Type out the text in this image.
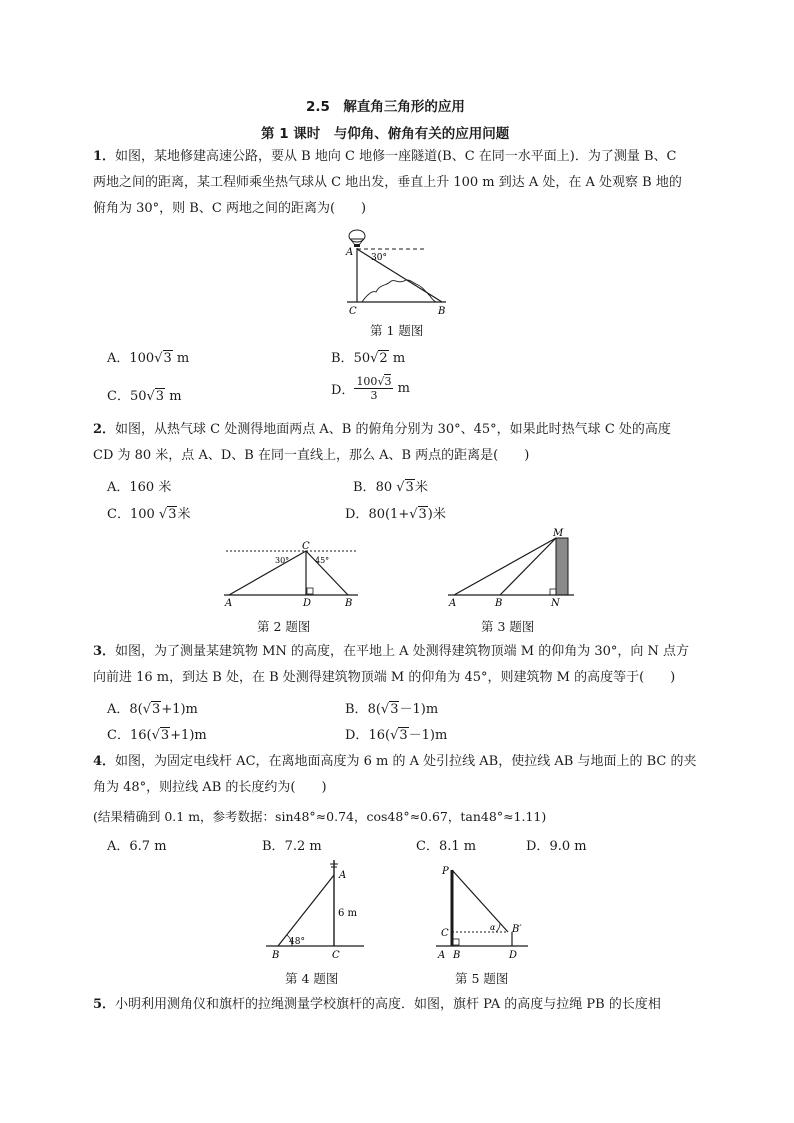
2.5　解直角三角形的应用
第 1 课时　与仰角、俯角有关的应用问题
1．如图，某地修建高速公路，要从 B 地向 C 地修一座隧道(B、C 在同一水平面上)．为了测量 B、C
两地之间的距离，某工程师乘坐热气球从 C 地出发，垂直上升 100 m 到达 A 处，在 A 处观察 B 地的
俯角为 30°，则 B、C 两地之间的距离为(　　)
A
C	B
30°
第 1 题图
A．100√3 m	B．50√2 m
C．50√3 m	D． $\frac{100√3}{3}$ m
2．如图，从热气球 C 处测得地面两点 A、B 的俯角分别为 30°、45°，如果此时热气球 C 处的高度
CD 为 80 米，点 A、D、B 在同一直线上，那么 A、B 两点的距离是(　　)
A．160 米	B．80 √3米
C．100 √3米	D．80(1+√3)米
C
30°	45°
A	D	B
第 2 题图
M
A	B	N
第 3 题图
3．如图，为了测量某建筑物 MN 的高度，在平地上 A 处测得建筑物顶端 M 的仰角为 30°，向 N 点方
向前进 16 m，到达 B 处，在 B 处测得建筑物顶端 M 的仰角为 45°，则建筑物 M 的高度等于(　　)
A．8(√3+1)m	B．8(√3－1)m
C．16(√3+1)m	D．16(√3－1)m
4．如图，为固定电线杆 AC，在离地面高度为 6 m 的 A 处引拉线 AB，使拉线 AB 与地面上的 BC 的夹
角为 48°，则拉线 AB 的长度约为(　　)
(结果精确到 0.1 m，参考数据：sin48°≈0.74，cos48°≈0.67，tan48°≈1.11)
A．6.7 m	B．7.2 m	C．8.1 m	D．9.0 m
A
6 m
48°
B	C
第 4 题图
P
C
α B′
A B	D
第 5 题图
5．小明利用测角仪和旗杆的拉绳测量学校旗杆的高度．如图，旗杆 PA 的高度与拉绳 PB 的长度相
